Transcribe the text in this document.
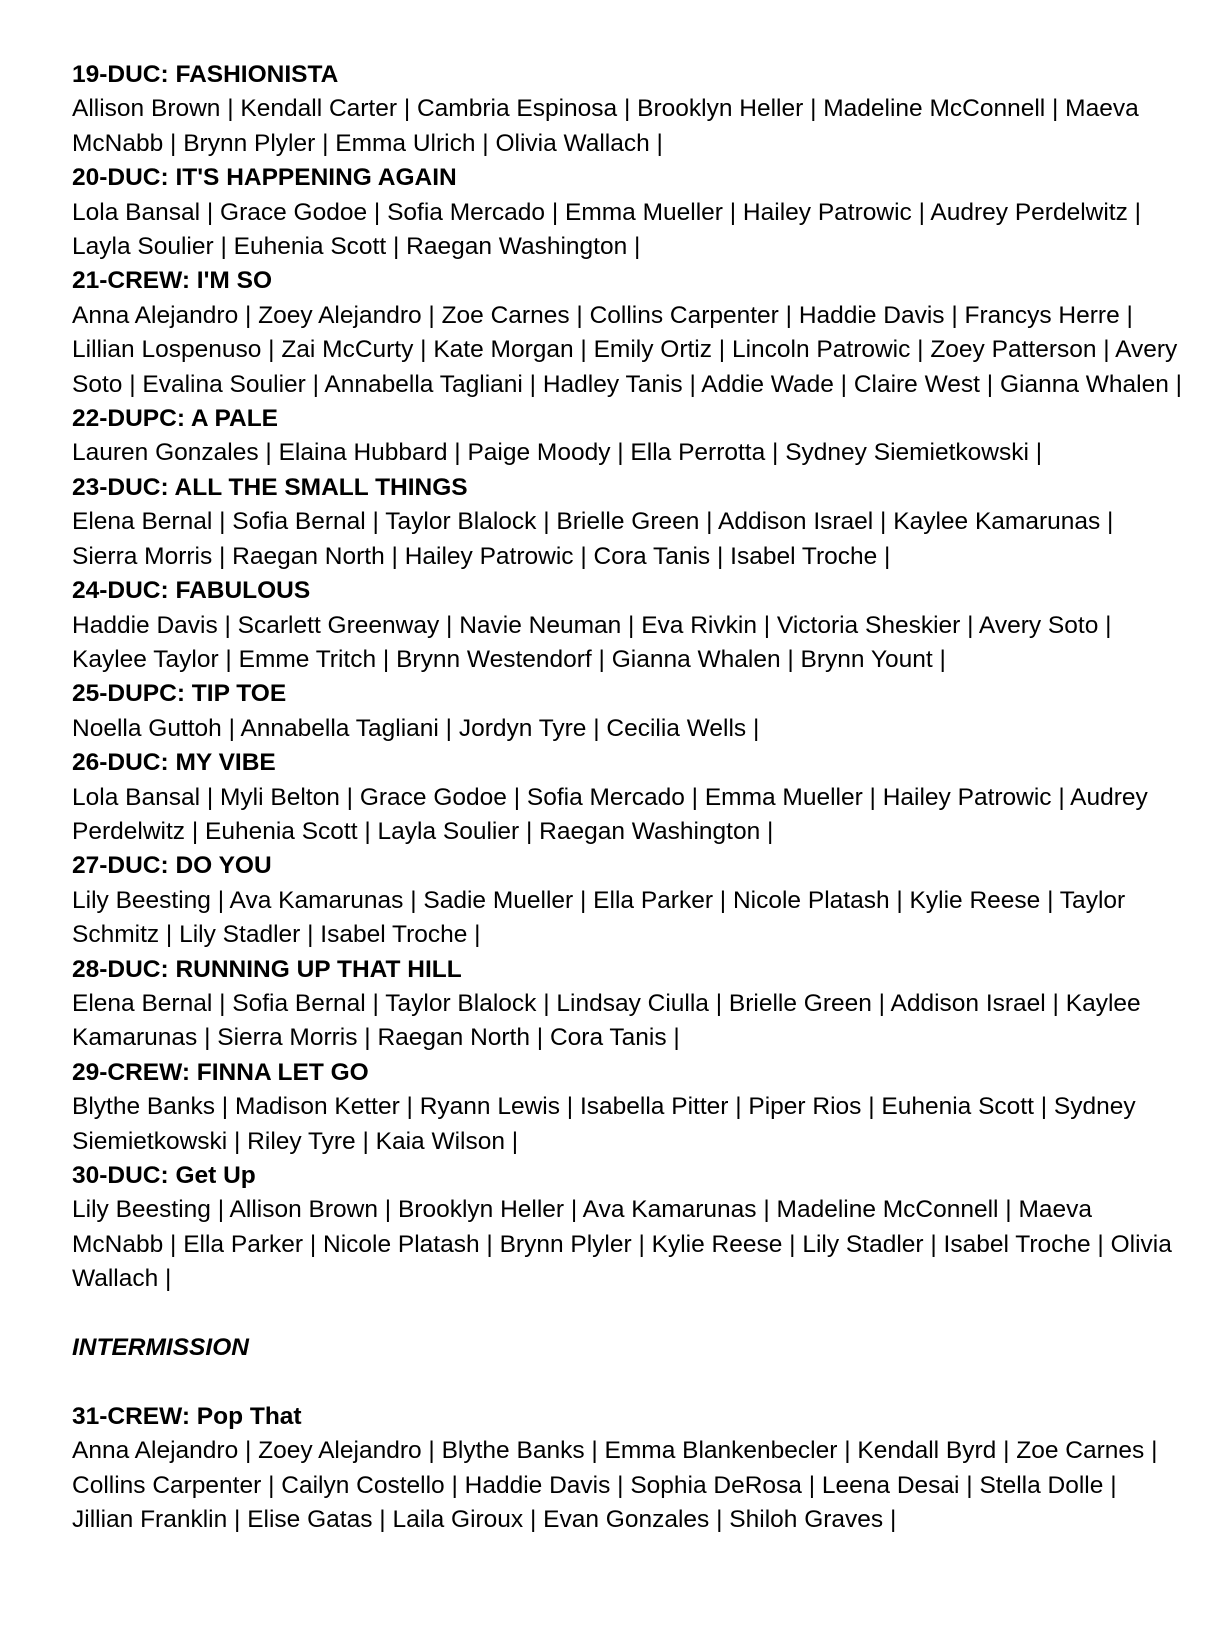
19-DUC: FASHIONISTA
Allison Brown | Kendall Carter | Cambria Espinosa | Brooklyn Heller | Madeline McConnell | Maeva McNabb | Brynn Plyler | Emma Ulrich | Olivia Wallach |
20-DUC: IT'S HAPPENING AGAIN
Lola Bansal | Grace Godoe | Sofia Mercado | Emma Mueller | Hailey Patrowic | Audrey Perdelwitz | Layla Soulier | Euhenia Scott | Raegan Washington |
21-CREW: I'M SO
Anna Alejandro | Zoey Alejandro | Zoe Carnes | Collins Carpenter | Haddie Davis | Francys Herre | Lillian Lospenuso | Zai McCurty | Kate Morgan | Emily Ortiz | Lincoln Patrowic | Zoey Patterson | Avery Soto | Evalina Soulier | Annabella Tagliani | Hadley Tanis | Addie Wade | Claire West | Gianna Whalen |
22-DUPC: A PALE
Lauren Gonzales | Elaina Hubbard | Paige Moody | Ella Perrotta | Sydney Siemietkowski |
23-DUC: ALL THE SMALL THINGS
Elena Bernal | Sofia Bernal | Taylor Blalock | Brielle Green | Addison Israel | Kaylee Kamarunas | Sierra Morris | Raegan North | Hailey Patrowic | Cora Tanis | Isabel Troche |
24-DUC: FABULOUS
Haddie Davis | Scarlett Greenway | Navie Neuman | Eva Rivkin | Victoria Sheskier | Avery Soto | Kaylee Taylor | Emme Tritch | Brynn Westendorf | Gianna Whalen | Brynn Yount |
25-DUPC: TIP TOE
Noella Guttoh | Annabella Tagliani | Jordyn Tyre | Cecilia Wells |
26-DUC: MY VIBE
Lola Bansal | Myli Belton | Grace Godoe | Sofia Mercado | Emma Mueller | Hailey Patrowic | Audrey Perdelwitz | Euhenia Scott | Layla Soulier | Raegan Washington |
27-DUC: DO YOU
Lily Beesting | Ava Kamarunas | Sadie Mueller | Ella Parker | Nicole Platash | Kylie Reese | Taylor Schmitz | Lily Stadler | Isabel Troche |
28-DUC: RUNNING UP THAT HILL
Elena Bernal | Sofia Bernal | Taylor Blalock | Lindsay Ciulla | Brielle Green | Addison Israel | Kaylee Kamarunas | Sierra Morris | Raegan North | Cora Tanis |
29-CREW: FINNA LET GO
Blythe Banks | Madison Ketter | Ryann Lewis | Isabella Pitter | Piper Rios | Euhenia Scott | Sydney Siemietkowski | Riley Tyre | Kaia Wilson |
30-DUC: Get Up
Lily Beesting | Allison Brown | Brooklyn Heller | Ava Kamarunas | Madeline McConnell | Maeva McNabb | Ella Parker | Nicole Platash | Brynn Plyler | Kylie Reese | Lily Stadler | Isabel Troche | Olivia Wallach |
INTERMISSION
31-CREW: Pop That
Anna Alejandro | Zoey Alejandro | Blythe Banks | Emma Blankenbecler | Kendall Byrd | Zoe Carnes | Collins Carpenter | Cailyn Costello | Haddie Davis | Sophia DeRosa | Leena Desai | Stella Dolle | Jillian Franklin | Elise Gatas | Laila Giroux | Evan Gonzales | Shiloh Graves |
